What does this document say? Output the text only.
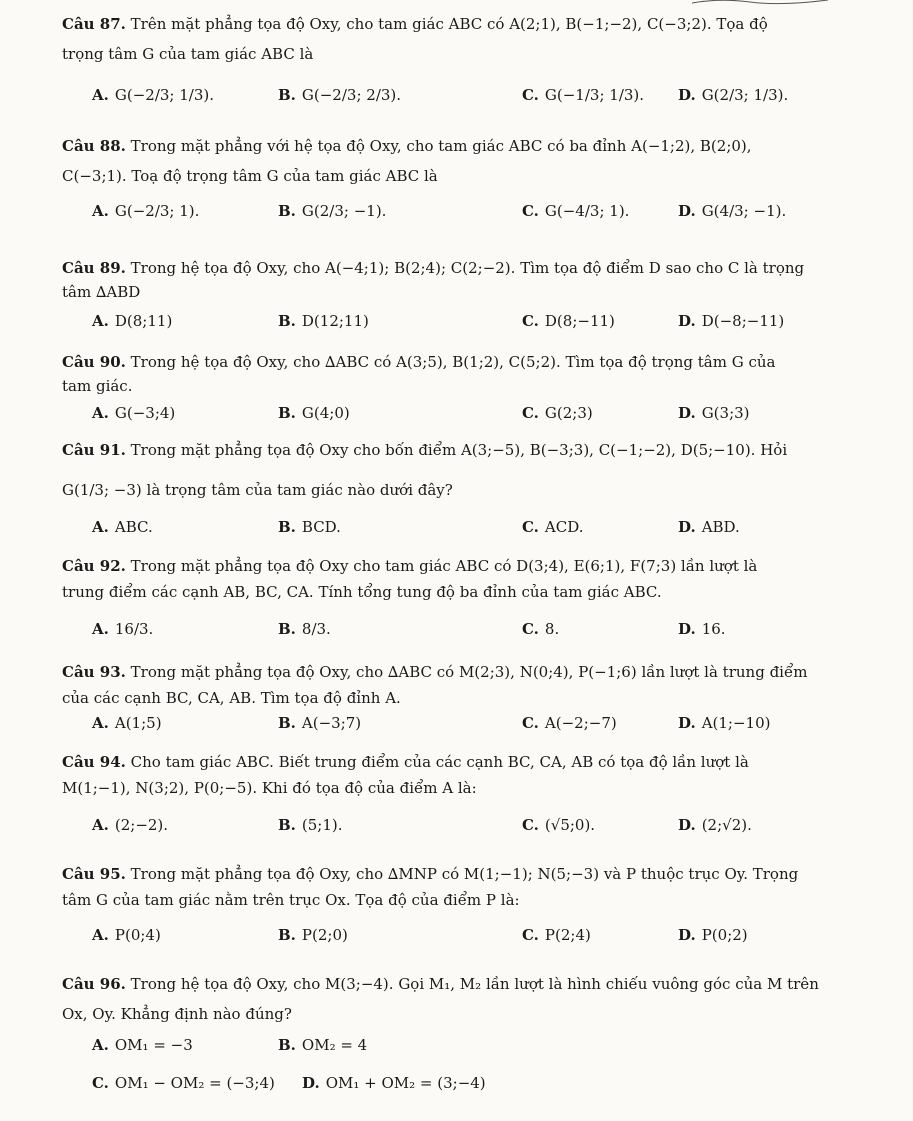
Câu 87. Trên mặt phẳng tọa độ Oxy, cho tam giác ABC có A(2;1), B(−1;−2), C(−3;2). Tọa độ
trọng tâm G của tam giác ABC là
A. G(−2/3; 1/3).	B. G(−2/3; 2/3).	C. G(−1/3; 1/3). D. G(2/3; 1/3).
Câu 88. Trong mặt phẳng với hệ tọa độ Oxy, cho tam giác ABC có ba đỉnh A(−1;2), B(2;0),
C(−3;1). Toạ độ trọng tâm G của tam giác ABC là
A. G(−2/3; 1).	B. G(2/3; −1).	C. G(−4/3; 1).	D. G(4/3; −1).
Câu 89. Trong hệ tọa độ Oxy, cho A(−4;1); B(2;4); C(2;−2). Tìm tọa độ điểm D sao cho C là trọng
tâm ∆ABD
A. D(8;11)	B. D(12;11)	C. D(8;−11)	D. D(−8;−11)
Câu 90. Trong hệ tọa độ Oxy, cho ∆ABC có A(3;5), B(1;2), C(5;2). Tìm tọa độ trọng tâm G của
tam giác.
A. G(−3;4)	B. G(4;0)	C. G(2;3)	D. G(3;3)
Câu 91. Trong mặt phẳng tọa độ Oxy cho bốn điểm A(3;−5), B(−3;3), C(−1;−2), D(5;−10). Hỏi
G(1/3; −3) là trọng tâm của tam giác nào dưới đây?
A. ABC.	B. BCD.	C. ACD.	D. ABD.
Câu 92. Trong mặt phẳng tọa độ Oxy cho tam giác ABC có D(3;4), E(6;1), F(7;3) lần lượt là
trung điểm các cạnh AB, BC, CA. Tính tổng tung độ ba đỉnh của tam giác ABC.
A. 16/3.	B. 8/3.	C. 8.	D. 16.
Câu 93. Trong mặt phẳng tọa độ Oxy, cho ∆ABC có M(2;3), N(0;4), P(−1;6) lần lượt là trung điểm
của các cạnh BC, CA, AB. Tìm tọa độ đỉnh A.
A. A(1;5)	B. A(−3;7)	C. A(−2;−7)	D. A(1;−10)
Câu 94. Cho tam giác ABC. Biết trung điểm của các cạnh BC, CA, AB có tọa độ lần lượt là
M(1;−1), N(3;2), P(0;−5). Khi đó tọa độ của điểm A là:
A. (2;−2).	B. (5;1).	C. (√5;0).	D. (2;√2).
Câu 95. Trong mặt phẳng tọa độ Oxy, cho ∆MNP có M(1;−1); N(5;−3) và P thuộc trục Oy. Trọng
tâm G của tam giác nằm trên trục Ox. Tọa độ của điểm P là:
A. P(0;4)	B. P(2;0)	C. P(2;4)	D. P(0;2)
Câu 96. Trong hệ tọa độ Oxy, cho M(3;−4). Gọi M₁, M₂ lần lượt là hình chiếu vuông góc của M trên
Ox, Oy. Khẳng định nào đúng?
A. OM₁ = −3	B. OM₂ = 4
C. OM₁ − OM₂ = (−3;4) D. OM₁ + OM₂ = (3;−4)
